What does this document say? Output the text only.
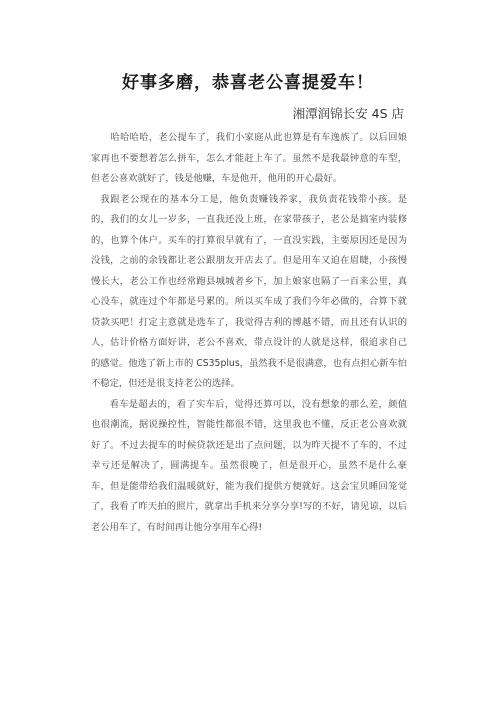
好事多磨，恭喜老公喜提爱车！
湘潭润锦长安 4S 店

哈哈哈哈，老公提车了，我们小家庭从此也算是有车逸族了。以后回娘家再也不要想着怎么拼车，怎么才能赶上车了。虽然不是我最钟意的车型，但老公喜欢就好了，钱是他赚，车是他开，他用的开心最好。

我跟老公现在的基本分工是，他负责赚钱养家，我负责花钱带小孩。是的，我们的女儿一岁多，一直我还没上班，在家带孩子，老公是搞室内装修的，也算个体户。买车的打算很早就有了，一直没实践，主要原因还是因为没钱，之前的余钱都让老公跟朋友开店去了。但是用车又迫在眉睫，小孩慢慢长大，老公工作也经常跑县城城者乡下，加上娘家也隔了一百来公里，真心没车，就连过个年都是号累的。所以买车成了我们今年必做的，合算下就贷款买吧！打定主意就是选车了，我觉得吉利的博越不错，而且还有认识的人，估计价格方面好讲，老公不喜欢，带点设计的人就是这样，很追求自己的感觉。他选了新上市的 CS35plus，虽然我不是很满意，也有点担心新车怕不稳定，但还是很支持老公的选择。

看车是超去的，看了实车后，觉得还算可以，没有想象的那么差，颜值也很潮流，据说操控性，智能性都很不错，这里我也不懂，反正老公喜欢就好了。不过去提车的时候贷款还是出了点问题，以为昨天提不了车的，不过幸亏还是解决了，圆满提车。虽然很晚了，但是很开心，虽然不是什么豪车，但是能带给我们温暖就好，能为我们提供方便就好。这会宝贝睡回笼觉了，我看了昨天拍的照片，就拿出手机来分享分享!写的不好，请见谅，以后老公用车了，有时间再让他分享用车心得!
